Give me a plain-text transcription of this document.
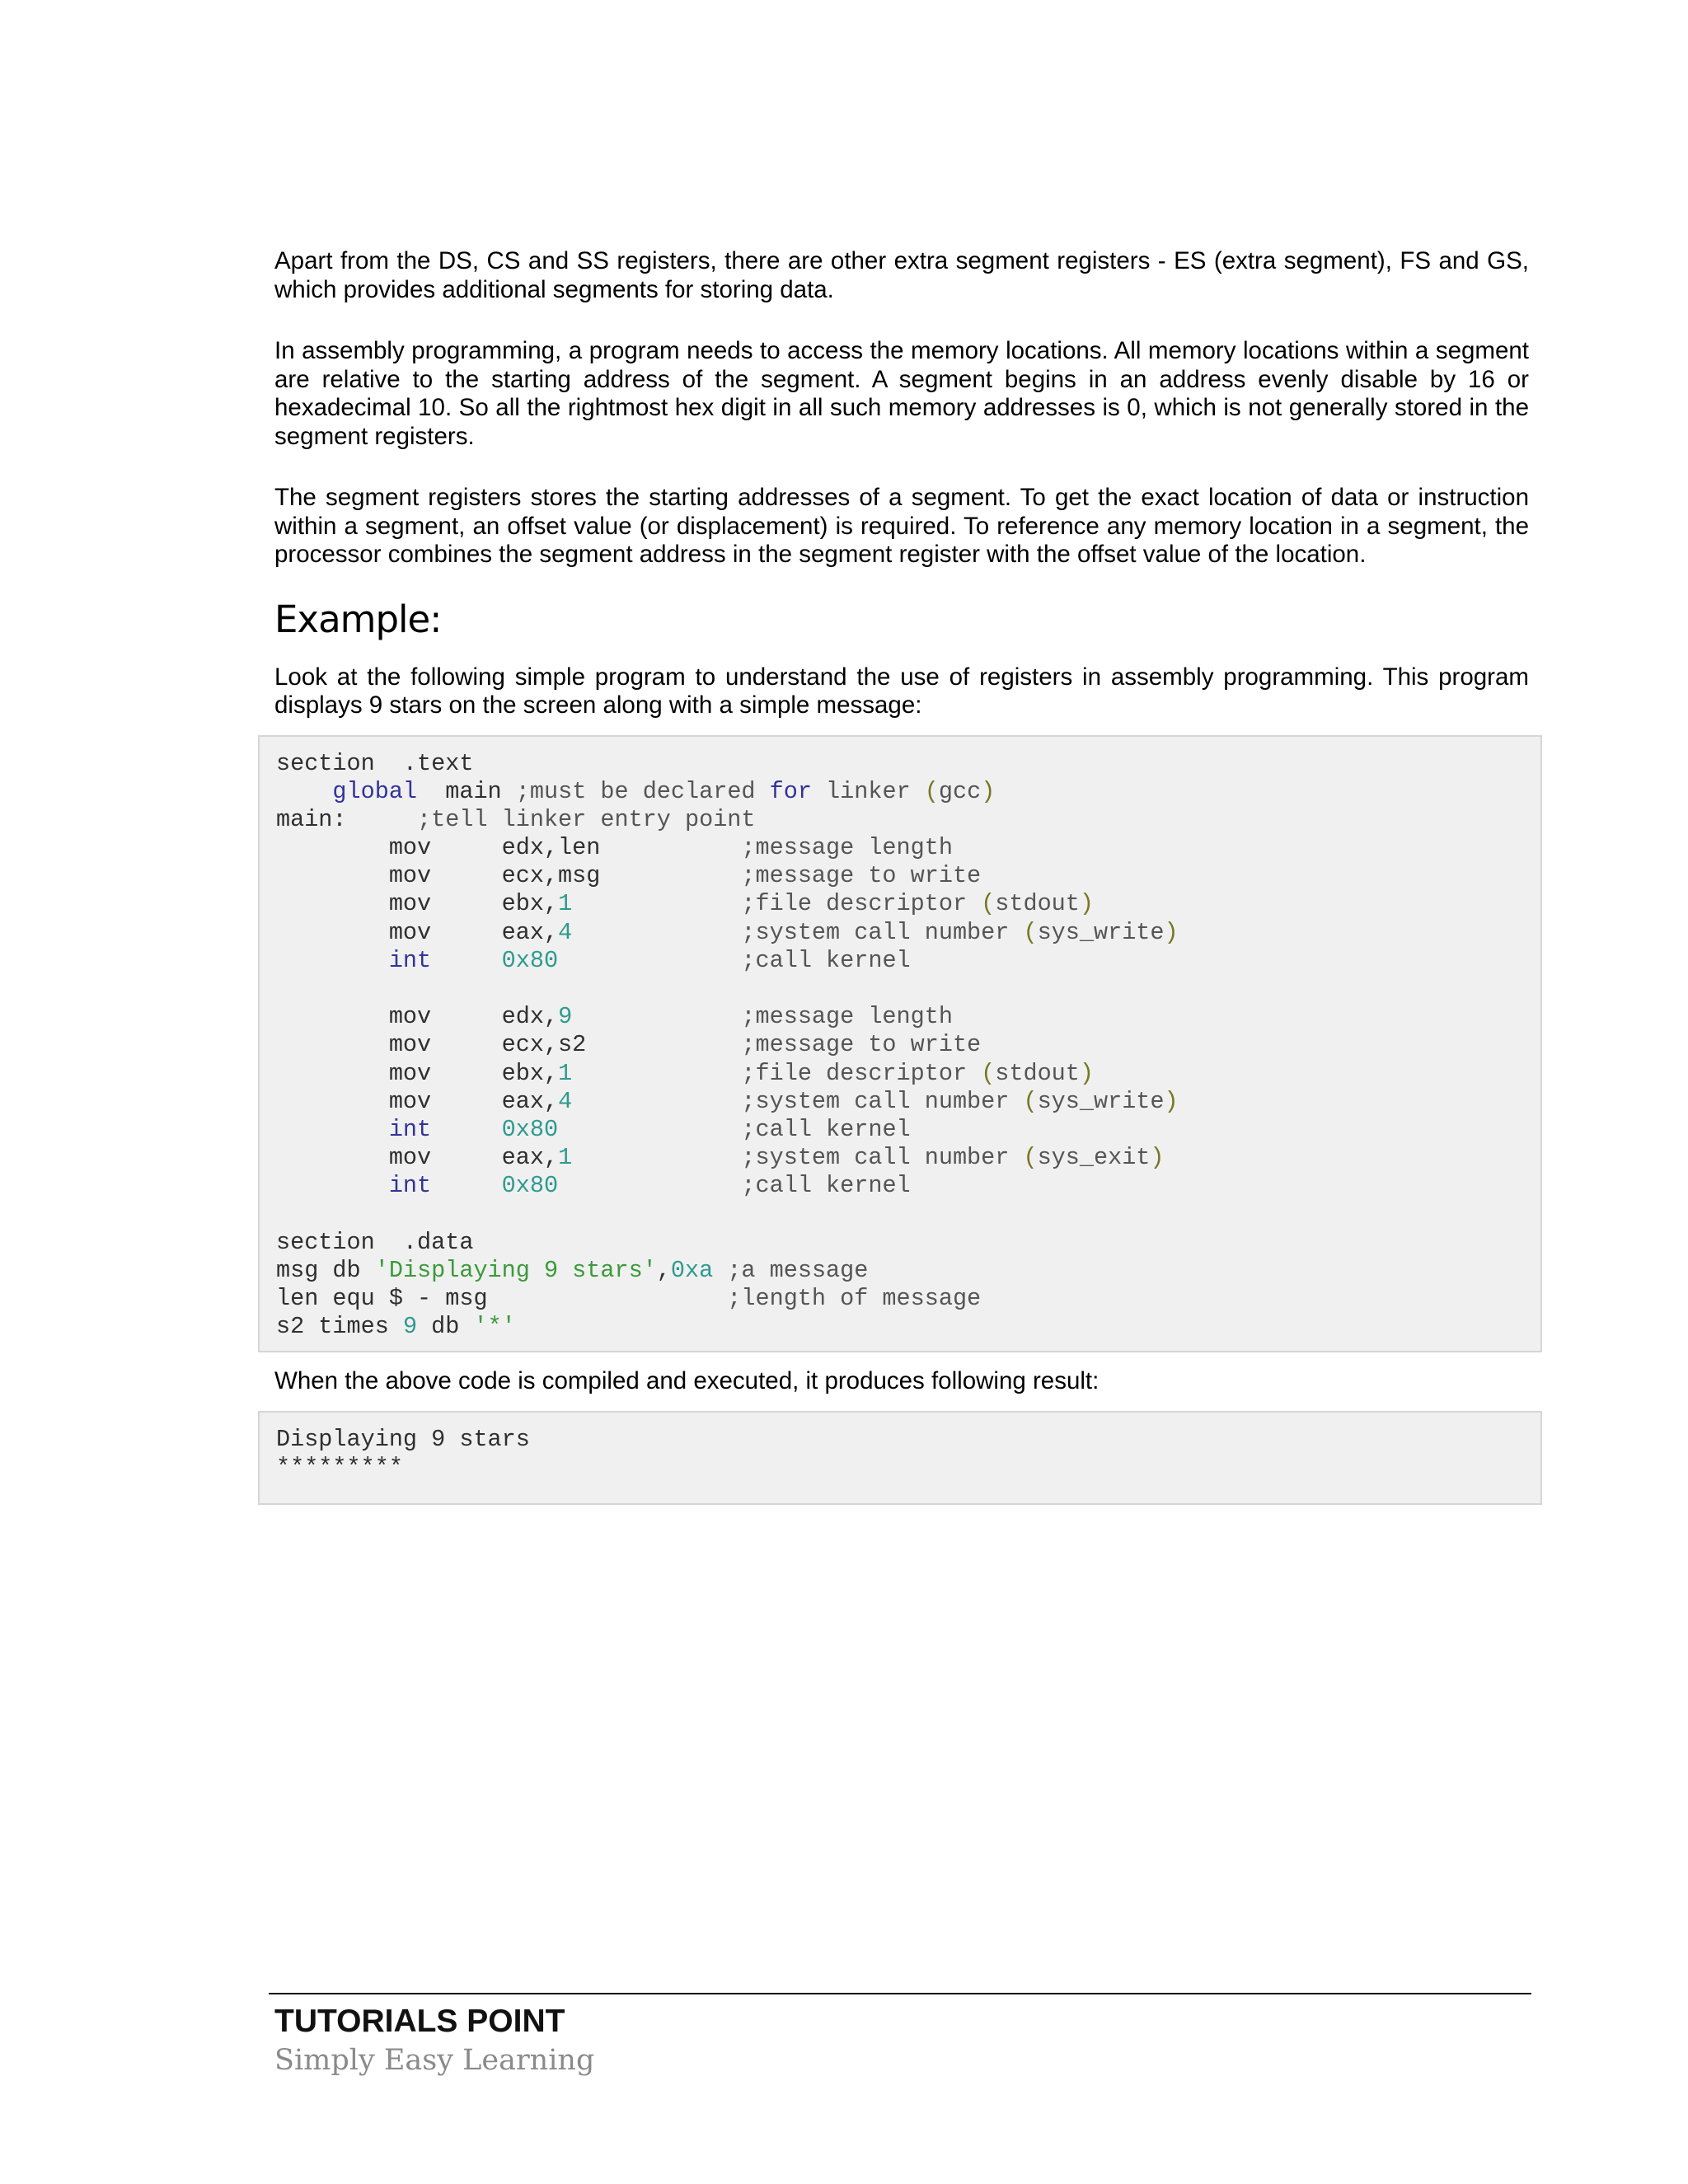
Apart from the DS, CS and SS registers, there are other extra segment registers - ES (extra segment), FS and GS, which provides additional segments for storing data.

In assembly programming, a program needs to access the memory locations. All memory locations within a segment are relative to the starting address of the segment. A segment begins in an address evenly disable by 16 or hexadecimal 10. So all the rightmost hex digit in all such memory addresses is 0, which is not generally stored in the segment registers.

The segment registers stores the starting addresses of a segment. To get the exact location of data or instruction within a segment, an offset value (or displacement) is required. To reference any memory location in a segment, the processor combines the segment address in the segment register with the offset value of the location.

Example:

Look at the following simple program to understand the use of registers in assembly programming. This program displays 9 stars on the screen along with a simple message:

section  .text
global  main ;must be declared for linker (gcc)
main:     ;tell linker entry point
mov     edx,len          ;message length
mov     ecx,msg          ;message to write
mov     ebx,1	;file descriptor (stdout)
mov     eax,4	;system call number (sys_write)
int	0x80	;call kernel

mov     edx,9	;message length
mov     ecx,s2           ;message to write
mov     ebx,1	;file descriptor (stdout)
mov     eax,4	;system call number (sys_write)
int	0x80	;call kernel
mov     eax,1	;system call number (sys_exit)
int	0x80	;call kernel

section  .data
msg db 'Displaying 9 stars',0xa ;a message
len equ $ - msg                 ;length of message
s2 times 9 db '*'

When the above code is compiled and executed, it produces following result:

Displaying 9 stars
*********
TUTORIALS POINT
Simply Easy Learning
